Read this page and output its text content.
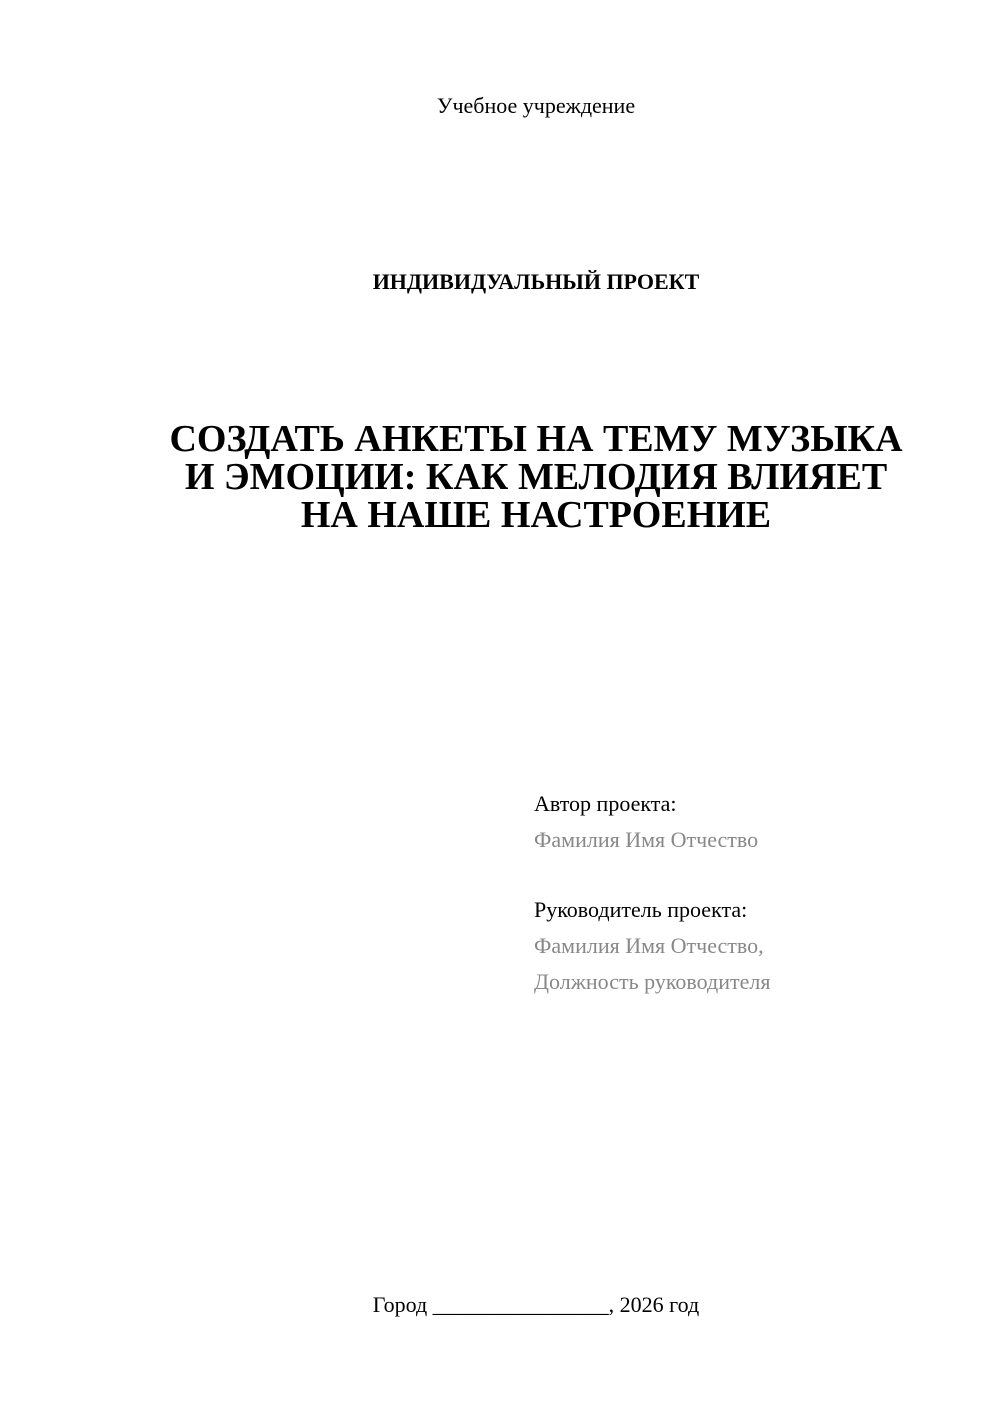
Учебное учреждение
ИНДИВИДУАЛЬНЫЙ ПРОЕКТ
СОЗДАТЬ АНКЕТЫ НА ТЕМУ МУЗЫКА
И ЭМОЦИИ: КАК МЕЛОДИЯ ВЛИЯЕТ
НА НАШЕ НАСТРОЕНИЕ
Автор проекта:
Фамилия Имя Отчество
Руководитель проекта:
Фамилия Имя Отчество,
Должность руководителя
Город ________________, 2026 год
